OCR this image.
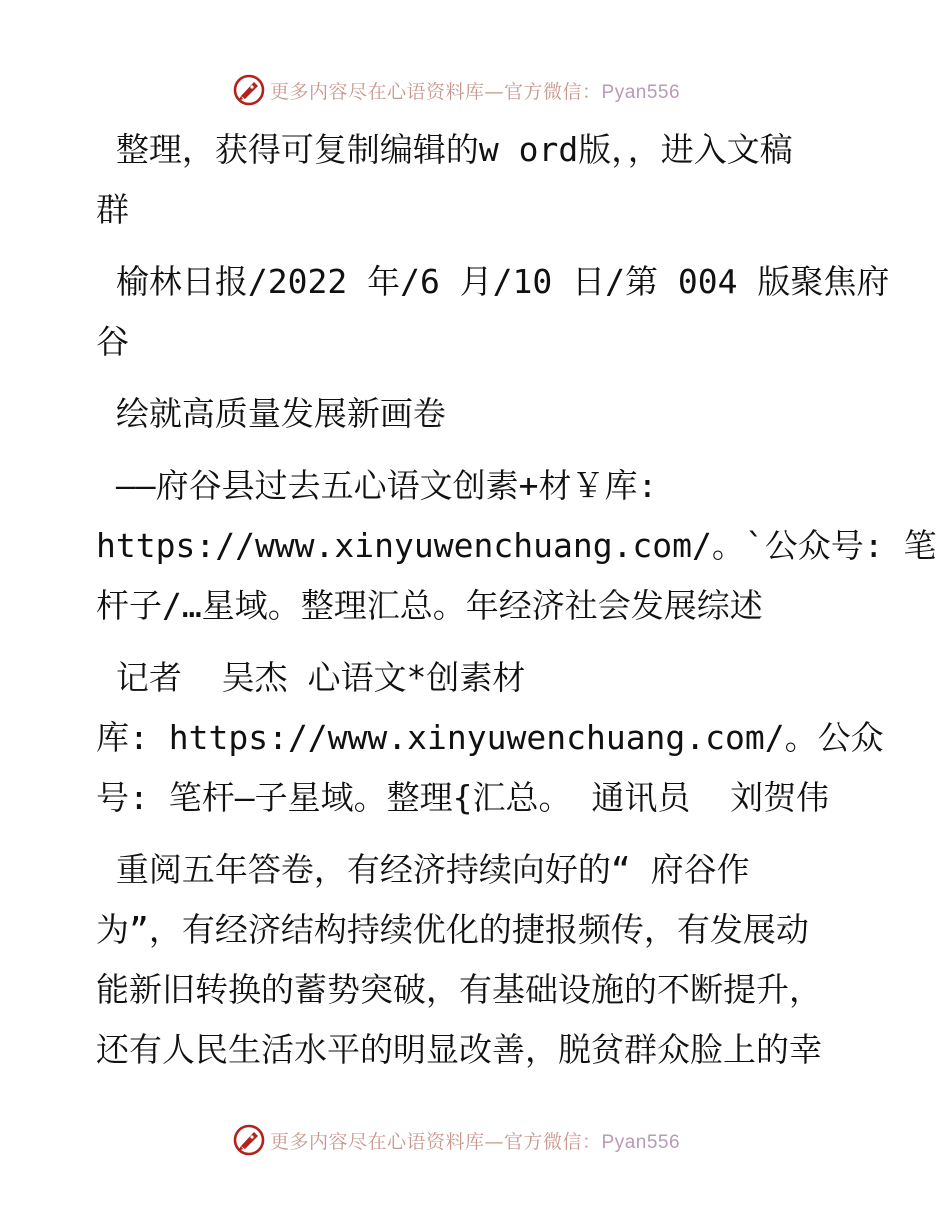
更多内容尽在心语资料库—官方微信：Pyan556
整理，获得可复制编辑的w ord版，，进入文稿
群
榆林日报/2022 年/6 月/10 日/第 004 版聚焦府
谷
绘就高质量发展新画卷
——府谷县过去五心语文创素+材￥库:
https://www.xinyuwenchuang.com/。`公众号: 笔
杆子/…星域。整理汇总。年经济社会发展综述
记者  吴杰 心语文*创素材
库: https://www.xinyuwenchuang.com/。公众
号: 笔杆—子星域。整理{汇总。 通讯员  刘贺伟
重阅五年答卷，有经济持续向好的“ 府谷作
为”，有经济结构持续优化的捷报频传，有发展动
能新旧转换的蓄势突破，有基础设施的不断提升，
还有人民生活水平的明显改善，脱贫群众脸上的幸
更多内容尽在心语资料库—官方微信：Pyan556
